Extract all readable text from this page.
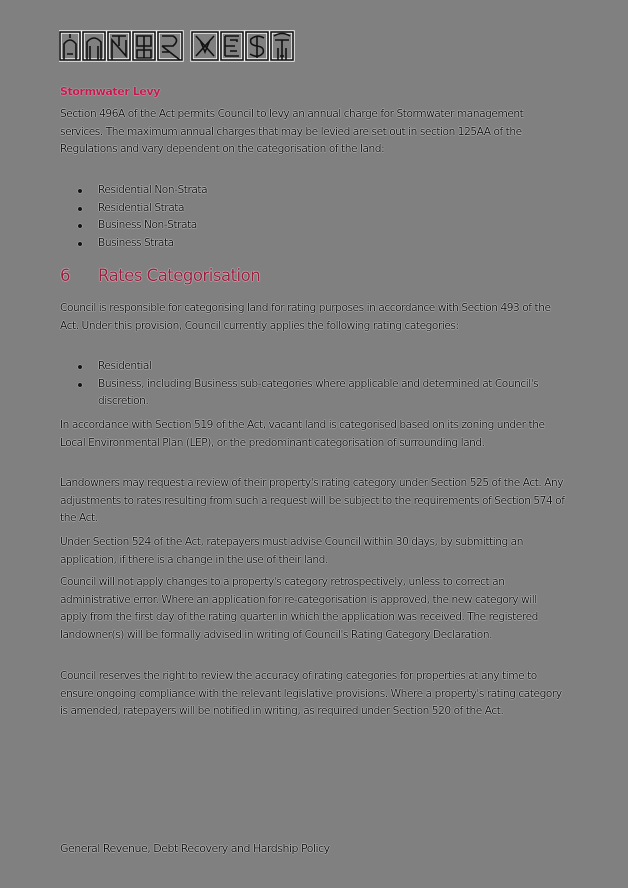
Stormwater Levy

Section 496A of the Act permits Council to levy an annual charge for Stormwater management services. The maximum annual charges that may be levied are set out in section 125AA of the Regulations and vary dependent on the categorisation of the land:

Residential Non-Strata
Residential Strata
Business Non-Strata
Business Strata
6	Rates Categorisation

Council is responsible for categorising land for rating purposes in accordance with Section 493 of the Act. Under this provision, Council currently applies the following rating categories:

Residential
Business, including Business sub-categories where applicable and determined at Council's discretion.

In accordance with Section 519 of the Act, vacant land is categorised based on its zoning under the Local Environmental Plan (LEP), or the predominant categorisation of surrounding land.

Landowners may request a review of their property's rating category under Section 525 of the Act. Any adjustments to rates resulting from such a request will be subject to the requirements of Section 574 of the Act.

Under Section 524 of the Act, ratepayers must advise Council within 30 days, by submitting an application, if there is a change in the use of their land.

Council will not apply changes to a property's category retrospectively, unless to correct an administrative error. Where an application for re-categorisation is approved, the new category will apply from the first day of the rating quarter in which the application was received. The registered landowner(s) will be formally advised in writing of Council's Rating Category Declaration.

Council reserves the right to review the accuracy of rating categories for properties at any time to ensure ongoing compliance with the relevant legislative provisions. Where a property's rating category is amended, ratepayers will be notified in writing, as required under Section 520 of the Act.

General Revenue, Debt Recovery and Hardship Policy
